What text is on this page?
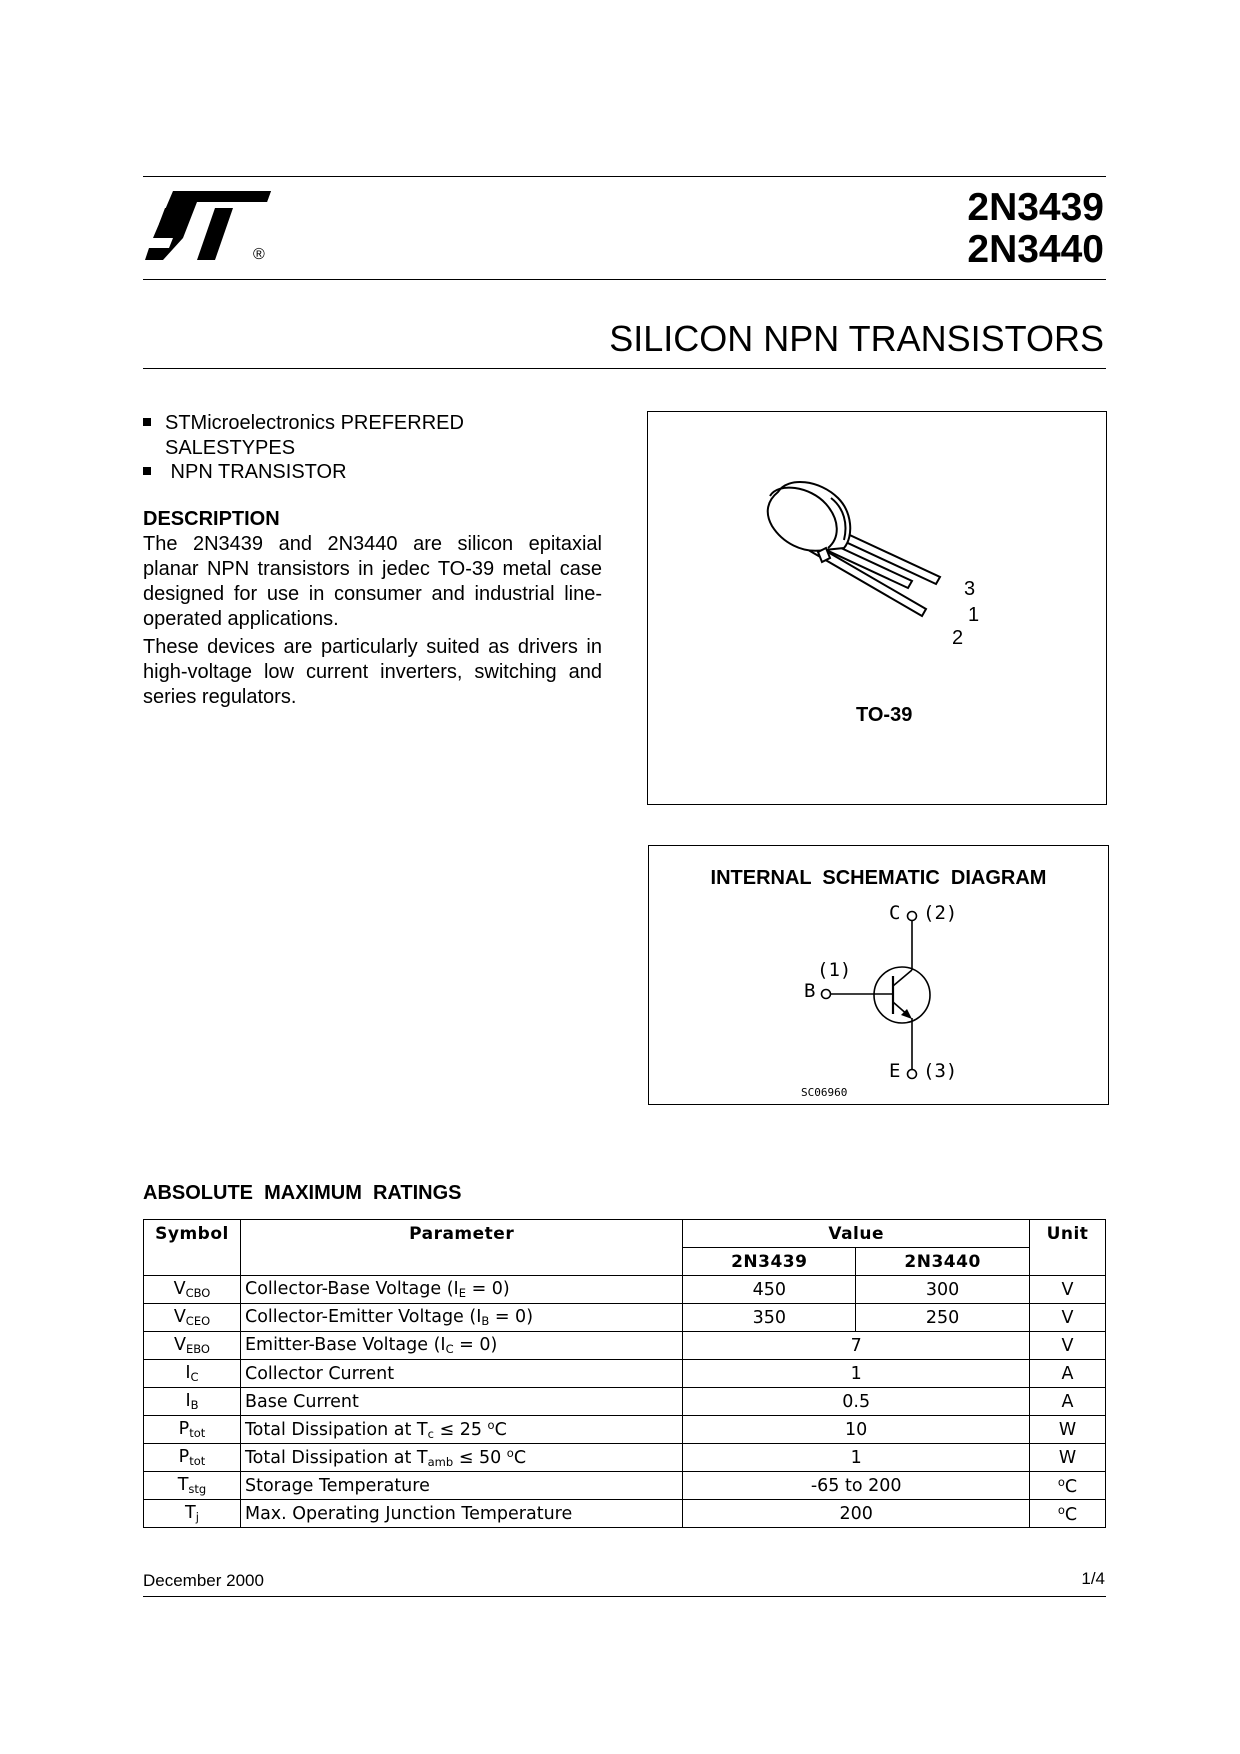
®
2N3439
2N3440
SILICON NPN TRANSISTORS
STMicroelectronics PREFERRED
SALESTYPES
NPN TRANSISTOR
DESCRIPTION

The 2N3439 and 2N3440 are silicon epitaxial planar NPN transistors in jedec TO-39 metal case designed for use in consumer and industrial line-operated applications.

These devices are particularly suited as drivers in high-voltage low current inverters, switching and series regulators.

3
1
2
TO-39
INTERNAL  SCHEMATIC  DIAGRAM
C (2)
(1)
B
E (3)
SC06960
ABSOLUTE  MAXIMUM  RATINGS
Symbol	Parameter	Value		Unit
		2N3439	2N3440	
$V_{CBO}$	Collector-Base Voltage $(I_E = 0)$	450	300	V
$V_{CEO}$	Collector-Emitter Voltage $(I_B = 0)$	350	250	V
$V_{EBO}$	Emitter-Base Voltage $(I_C = 0)$	7		V
$I_C$	Collector Current	1		A
$I_B$	Base Current	0.5		A
$P_{tot}$	Total Dissipation at $T_c \le 25$ $^o$C	10		W
$P_{tot}$	Total Dissipation at $T_{amb} \le 50$ $^o$C	1		W
$T_{stg}$	Storage Temperature	-65 to 200		$^o$C
$T_j$	Max. Operating Junction Temperature	200		$^o$C
December 2000	1/4
